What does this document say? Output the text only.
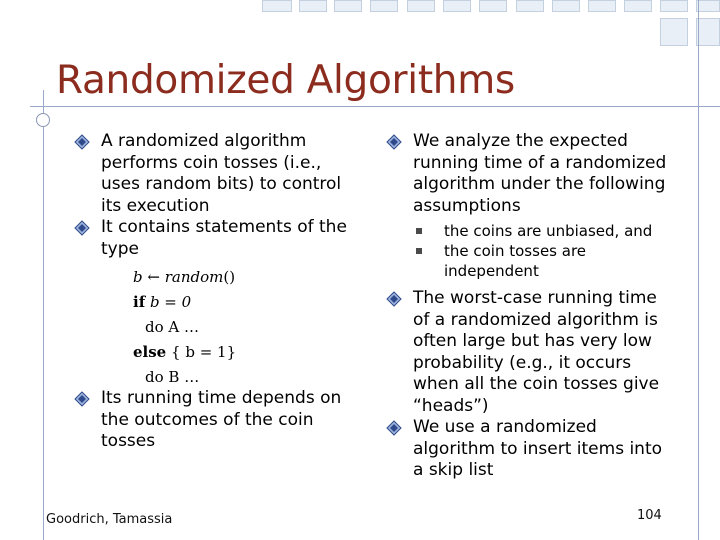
Randomized Algorithms
A randomized algorithm performs coin tosses (i.e., uses random bits) to control its execution
It contains statements of the type
b ← random()
if b = 0
do A …
else { b = 1}
do B …
Its running time depends on the outcomes of the coin tosses
We analyze the expected running time of a randomized algorithm under the following assumptions
the coins are unbiased, and
the coin tosses are independent
The worst-case running time of a randomized algorithm is often large but has very low probability (e.g., it occurs when all the coin tosses give “heads”)
We use a randomized algorithm to insert items into a skip list
Goodrich, Tamassia	104
